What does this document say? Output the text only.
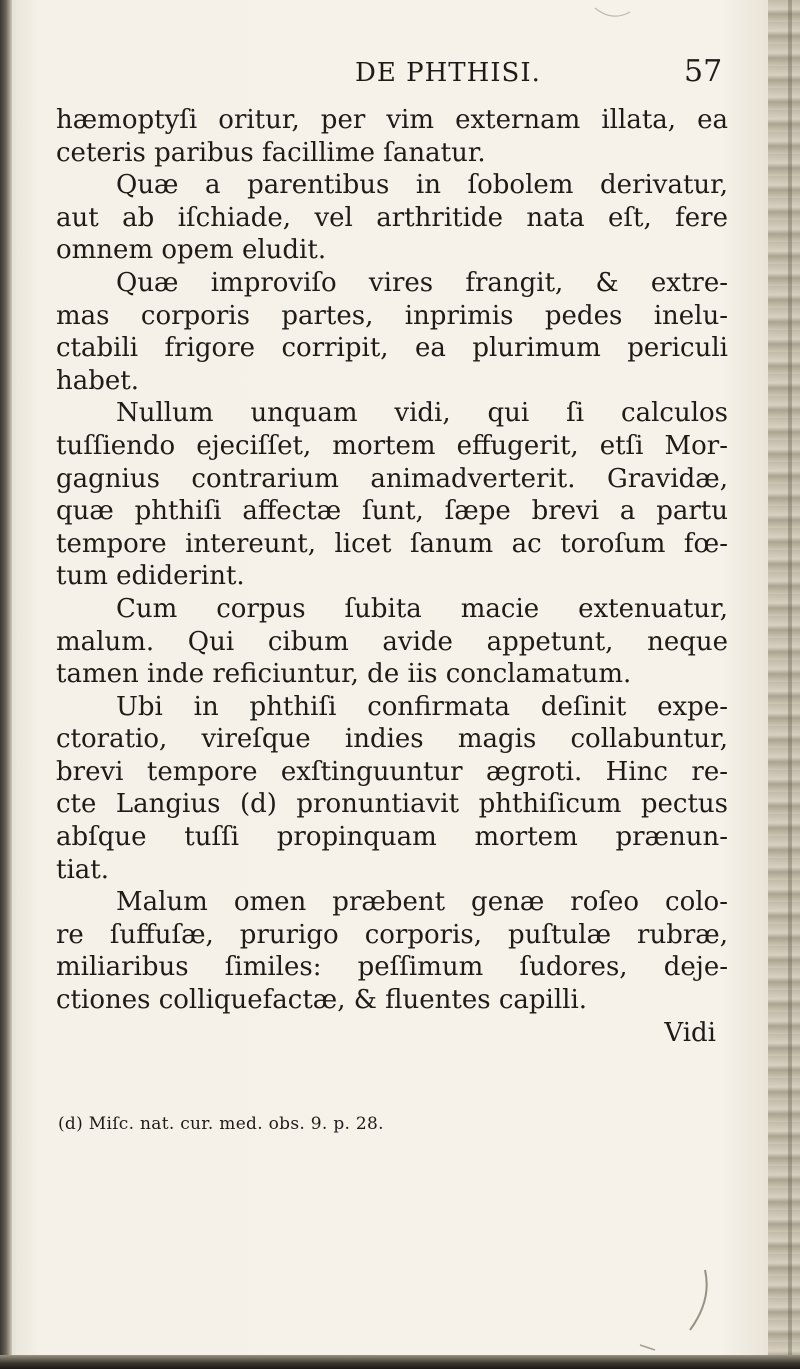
DE PHTHISI.	57
hæmoptyſi oritur, per vim externam illata, ea
ceteris paribus facillime ſanatur.
Quæ a parentibus in ſobolem derivatur,
aut ab iſchiade, vel arthritide nata eſt, fere
omnem opem eludit.
Quæ improviſo vires frangit, & extre-
mas corporis partes, inprimis pedes inelu-
ctabili frigore corripit, ea plurimum periculi
habet.
Nullum unquam vidi, qui ſi calculos
tuſſiendo ejeciſſet, mortem effugerit, etſi Mor-
gagnius contrarium animadverterit. Gravidæ,
quæ phthiſi affectæ ſunt, ſæpe brevi a partu
tempore intereunt, licet ſanum ac toroſum fœ-
tum ediderint.
Cum corpus ſubita macie extenuatur,
malum. Qui cibum avide appetunt, neque
tamen inde reficiuntur, de iis conclamatum.
Ubi in phthiſi confirmata deſinit expe-
ctoratio, vireſque indies magis collabuntur,
brevi tempore exſtinguuntur ægroti. Hinc re-
cte Langius (d) pronuntiavit phthiſicum pectus
abſque tuſſi propinquam mortem prænun-
tiat.
Malum omen præbent genæ roſeo colo-
re ſuffuſæ, prurigo corporis, puſtulæ rubræ,
miliaribus ſimiles: peſſimum ſudores, deje-
ctiones colliquefactæ, & fluentes capilli.
Vidi
(d) Miſc. nat. cur. med. obs. 9. p. 28.
